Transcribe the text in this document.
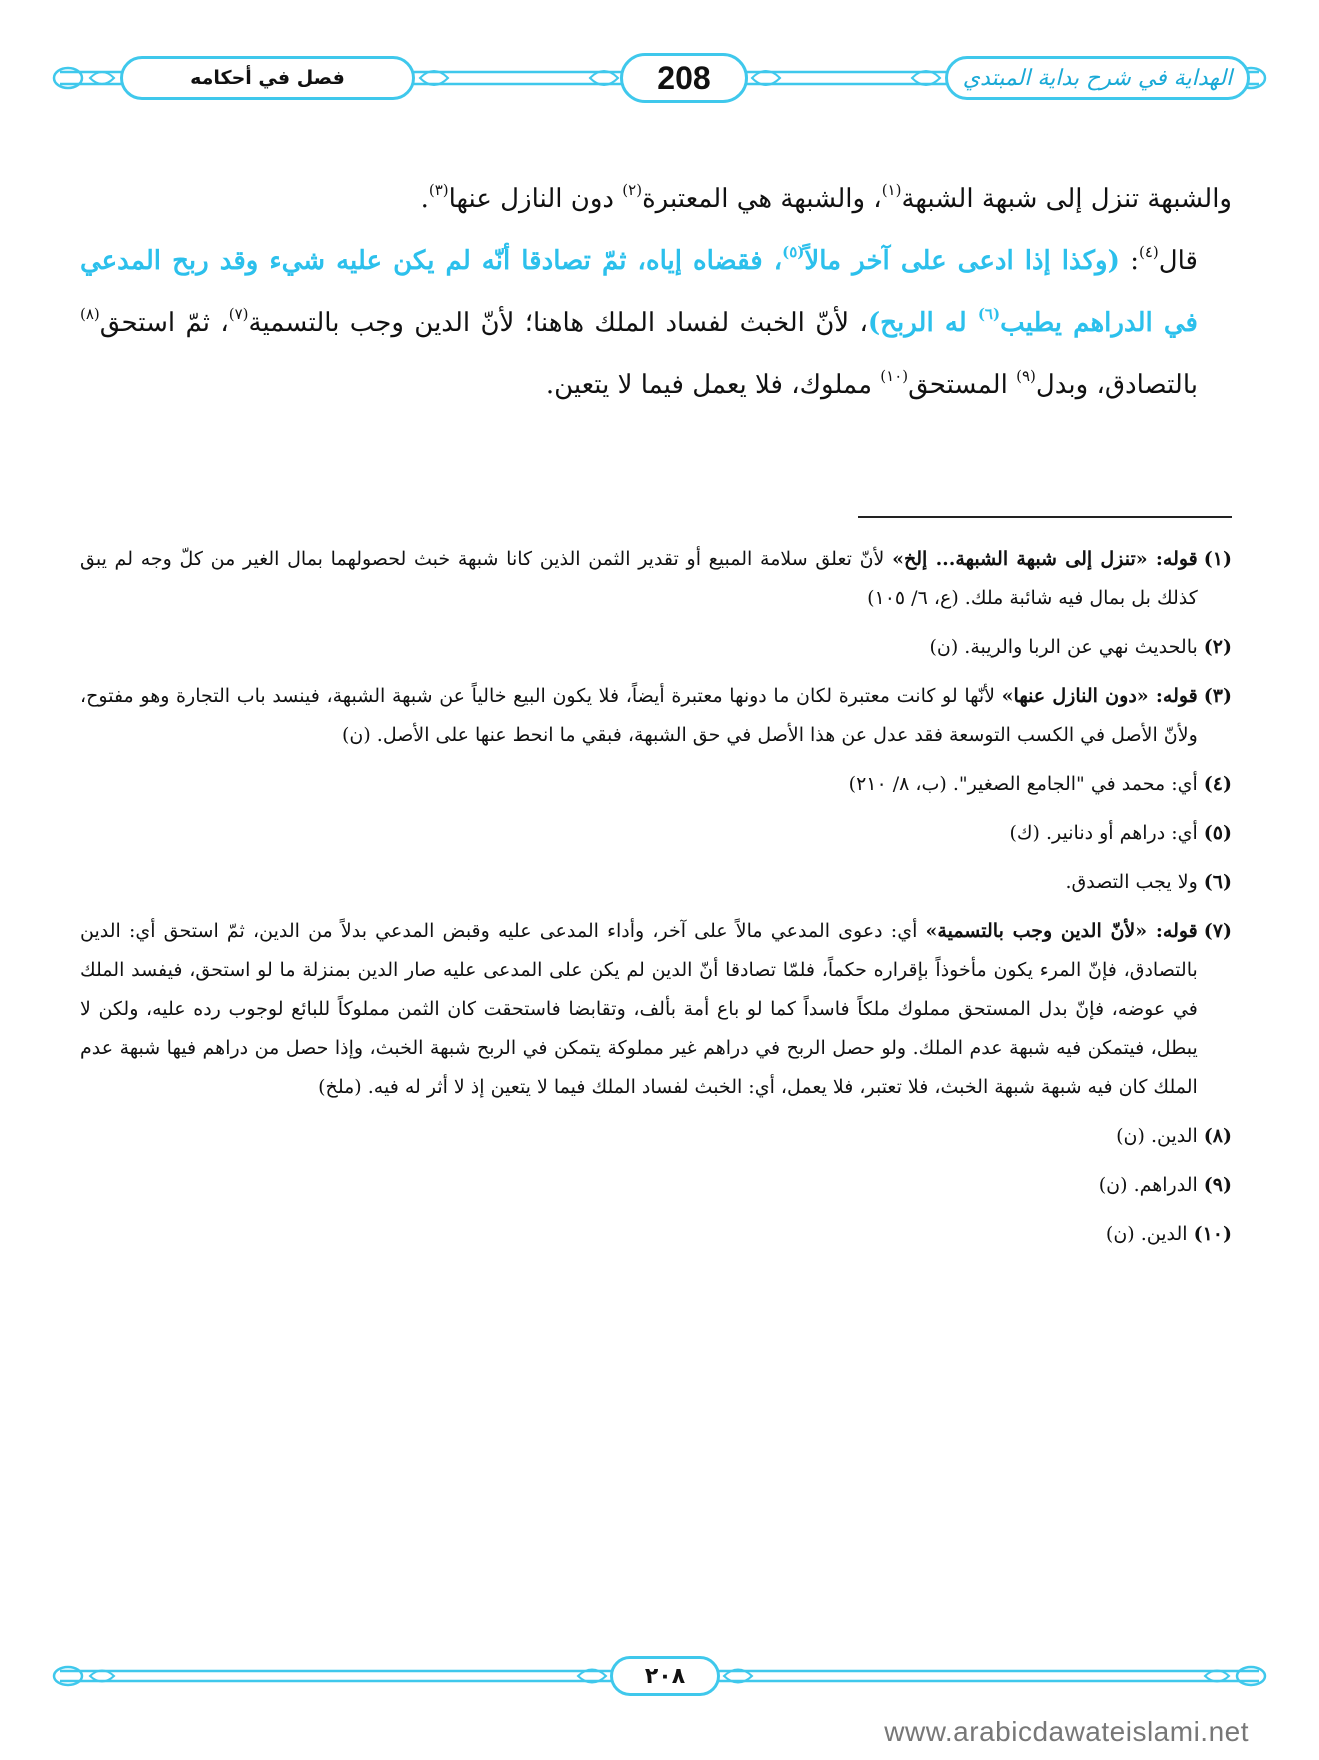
فصل في أحكامه	208	الهداية في شرح بداية المبتدي
والشبهة تنزل إلى شبهة الشبهة$^{(١)}$، والشبهة هي المعتبرة$^{(٢)}$ دون النازل عنها$^{(٣)}$.
قال$^{(٤)}$: (وكذا إذا ادعى على آخر مالاً$^{(٥)}$، فقضاه إياه، ثمّ تصادقا أنّه لم يكن عليه شيء وقد ربح المدعي في الدراهم يطيب$^{(٦)}$ له الربح)، لأنّ الخبث لفساد الملك هاهنا؛ لأنّ الدين وجب بالتسمية$^{(٧)}$، ثمّ استحق$^{(٨)}$ بالتصادق، وبدل$^{(٩)}$ المستحق$^{(١٠)}$ مملوك، فلا يعمل فيما لا يتعين.
(١)
قوله: «تنزل إلى شبهة الشبهة... إلخ» لأنّ تعلق سلامة المبيع أو تقدير الثمن الذين كانا شبهة خبث لحصولهما بمال الغير من كلّ وجه لم يبق كذلك بل بمال فيه شائبة ملك. (ع، ٦/ ١٠٥)
(٢)
بالحديث نهي عن الربا والريبة. (ن)
(٣)
قوله: «دون النازل عنها» لأنّها لو كانت معتبرة لكان ما دونها معتبرة أيضاً، فلا يكون البيع خالياً عن شبهة الشبهة، فينسد باب التجارة وهو مفتوح، ولأنّ الأصل في الكسب التوسعة فقد عدل عن هذا الأصل في حق الشبهة، فبقي ما انحط عنها على الأصل. (ن)
(٤)
أي: محمد في "الجامع الصغير". (ب، ٨/ ٢١٠)
(٥)
أي: دراهم أو دنانير. (ك)
(٦)
ولا يجب التصدق.
(٧)
قوله: «لأنّ الدين وجب بالتسمية» أي: دعوى المدعي مالاً على آخر، وأداء المدعى عليه وقبض المدعي بدلاً من الدين، ثمّ استحق أي: الدين بالتصادق، فإنّ المرء يكون مأخوذاً بإقراره حكماً، فلمّا تصادقا أنّ الدين لم يكن على المدعى عليه صار الدين بمنزلة ما لو استحق، فيفسد الملك في عوضه، فإنّ بدل المستحق مملوك ملكاً فاسداً كما لو باع أمة بألف، وتقابضا فاستحقت كان الثمن مملوكاً للبائع لوجوب رده عليه، ولكن لا يبطل، فيتمكن فيه شبهة عدم الملك. ولو حصل الربح في دراهم غير مملوكة يتمكن في الربح شبهة الخبث، وإذا حصل من دراهم فيها شبهة عدم الملك كان فيه شبهة شبهة الخبث، فلا تعتبر، فلا يعمل، أي: الخبث لفساد الملك فيما لا يتعين إذ لا أثر له فيه. (ملخ)
(٨)
الدين. (ن)
(٩)
الدراهم. (ن)
(١٠)
الدين. (ن)
٢٠٨
www.arabicdawateislami.net
